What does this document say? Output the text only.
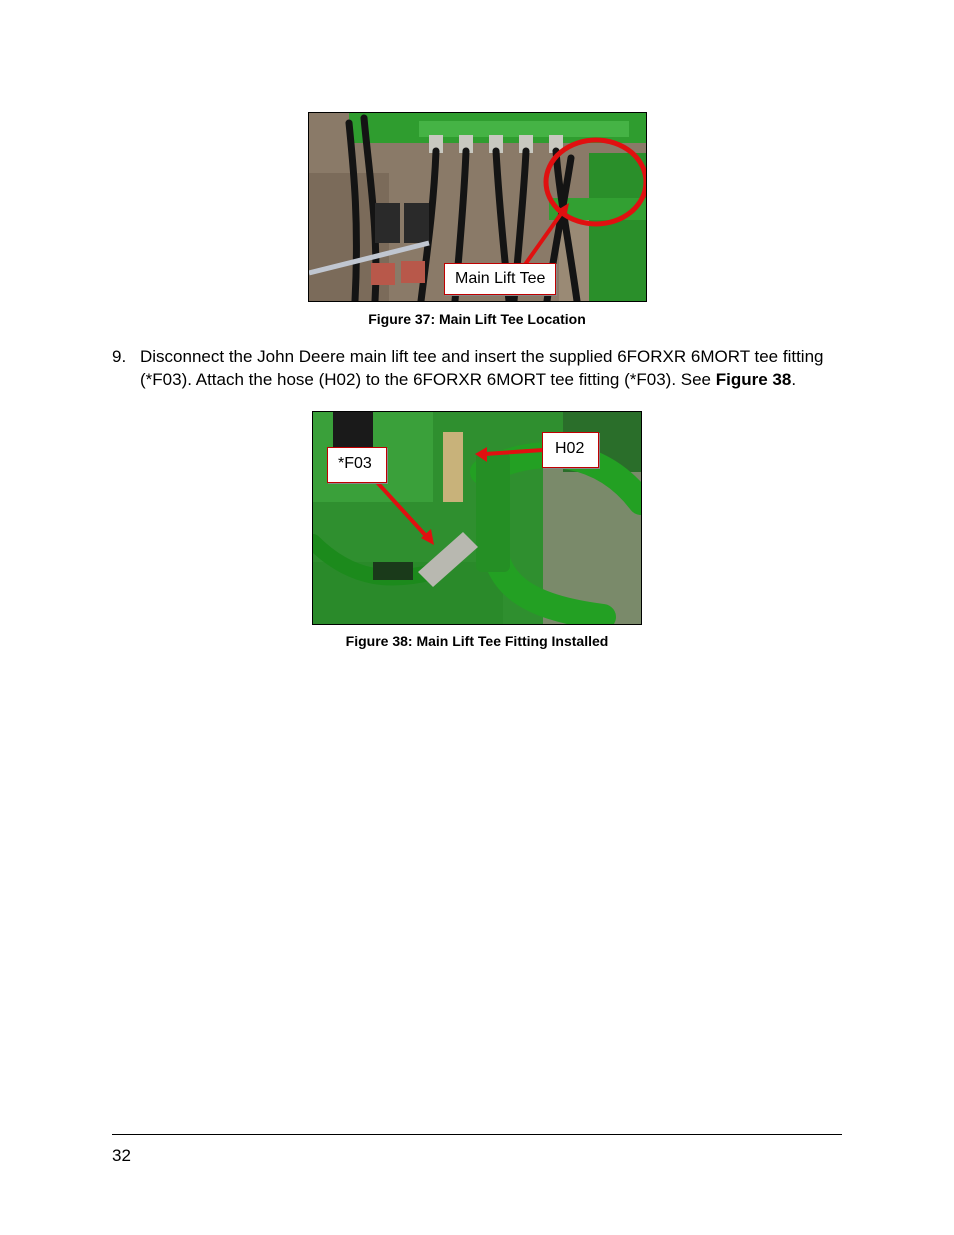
Main Lift Tee
Figure 37: Main Lift Tee Location
9. Disconnect the John Deere main lift tee and insert the supplied 6FORXR 6MORT tee fitting (*F03). Attach the hose (H02) to the 6FORXR 6MORT tee fitting (*F03). See Figure 38.
*F03
H02
Figure 38: Main Lift Tee Fitting Installed
32
